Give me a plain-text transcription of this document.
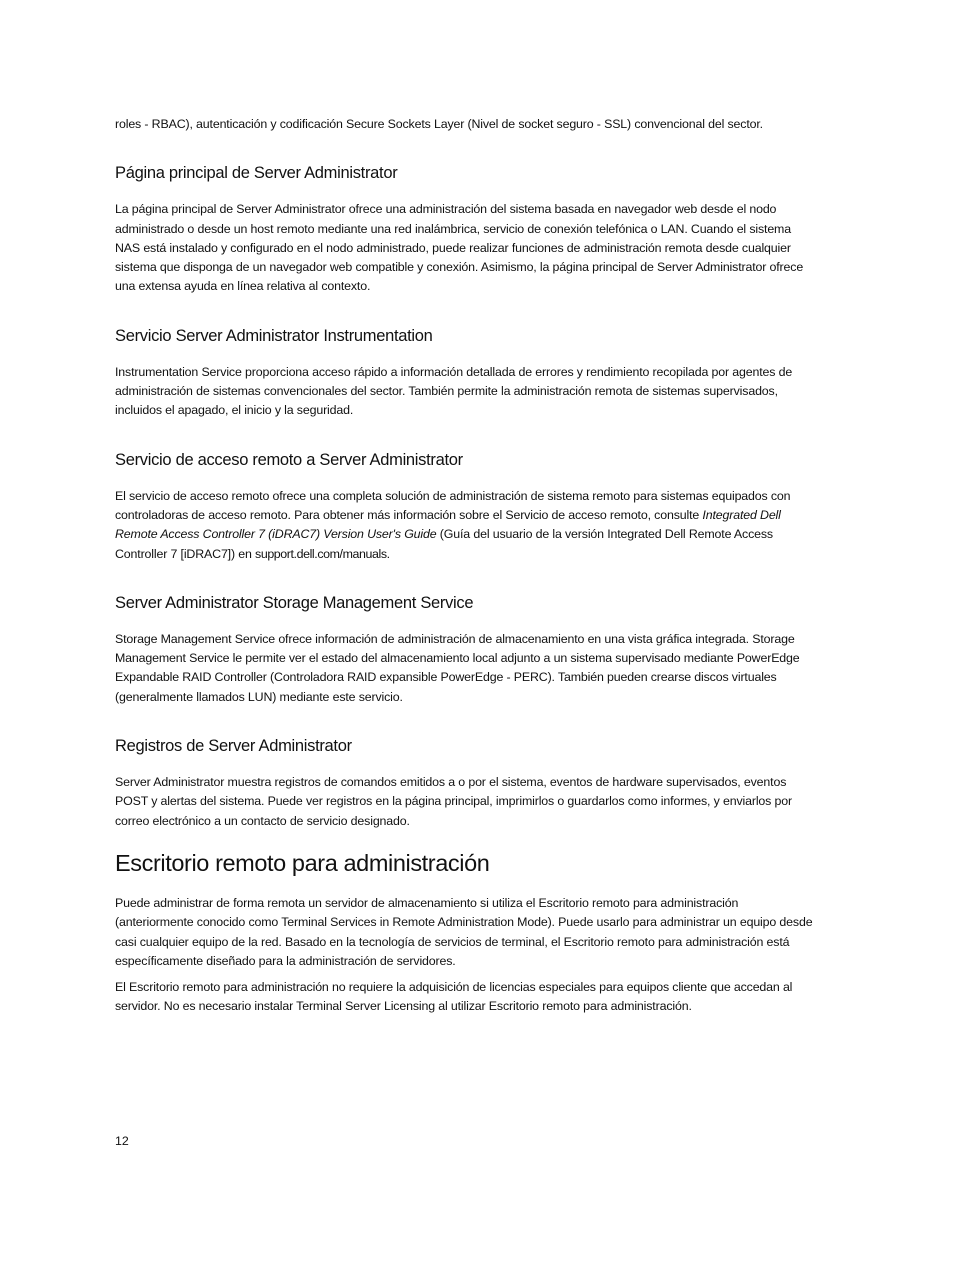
roles - RBAC), autenticación y codificación Secure Sockets Layer (Nivel de socket seguro - SSL) convencional del sector.

Página principal de Server Administrator

La página principal de Server Administrator ofrece una administración del sistema basada en navegador web desde el nodo administrado o desde un host remoto mediante una red inalámbrica, servicio de conexión telefónica o LAN. Cuando el sistema NAS está instalado y configurado en el nodo administrado, puede realizar funciones de administración remota desde cualquier sistema que disponga de un navegador web compatible y conexión. Asimismo, la página principal de Server Administrator ofrece una extensa ayuda en línea relativa al contexto.

Servicio Server Administrator Instrumentation

Instrumentation Service proporciona acceso rápido a información detallada de errores y rendimiento recopilada por agentes de administración de sistemas convencionales del sector. También permite la administración remota de sistemas supervisados, incluidos el apagado, el inicio y la seguridad.

Servicio de acceso remoto a Server Administrator

El servicio de acceso remoto ofrece una completa solución de administración de sistema remoto para sistemas equipados con controladoras de acceso remoto. Para obtener más información sobre el Servicio de acceso remoto, consulte Integrated Dell Remote Access Controller 7 (iDRAC7) Version User's Guide (Guía del usuario de la versión Integrated Dell Remote Access Controller 7 [iDRAC7]) en support.dell.com/manuals.

Server Administrator Storage Management Service

Storage Management Service ofrece información de administración de almacenamiento en una vista gráfica integrada. Storage Management Service le permite ver el estado del almacenamiento local adjunto a un sistema supervisado mediante PowerEdge Expandable RAID Controller (Controladora RAID expansible PowerEdge - PERC). También pueden crearse discos virtuales (generalmente llamados LUN) mediante este servicio.

Registros de Server Administrator

Server Administrator muestra registros de comandos emitidos a o por el sistema, eventos de hardware supervisados, eventos POST y alertas del sistema. Puede ver registros en la página principal, imprimirlos o guardarlos como informes, y enviarlos por correo electrónico a un contacto de servicio designado.

Escritorio remoto para administración

Puede administrar de forma remota un servidor de almacenamiento si utiliza el Escritorio remoto para administración (anteriormente conocido como Terminal Services in Remote Administration Mode). Puede usarlo para administrar un equipo desde casi cualquier equipo de la red. Basado en la tecnología de servicios de terminal, el Escritorio remoto para administración está específicamente diseñado para la administración de servidores.

El Escritorio remoto para administración no requiere la adquisición de licencias especiales para equipos cliente que accedan al servidor. No es necesario instalar Terminal Server Licensing al utilizar Escritorio remoto para administración.

12
